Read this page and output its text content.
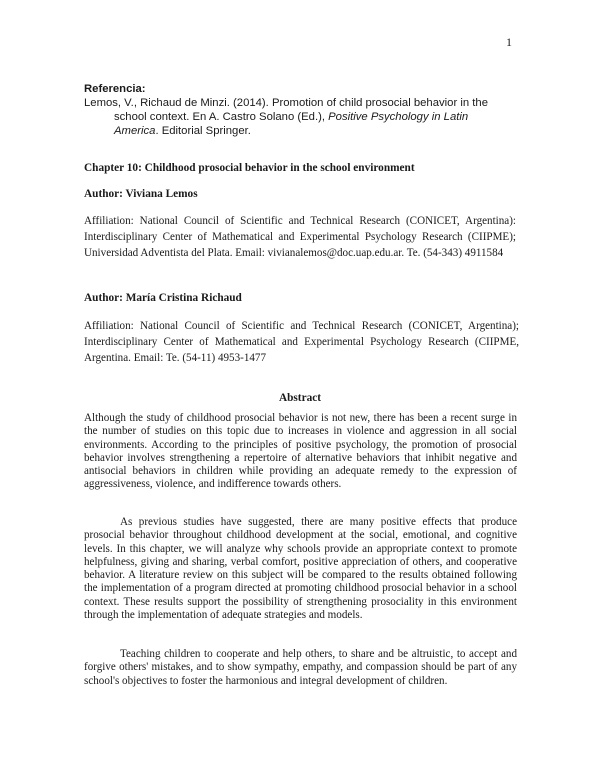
1
Referencia:
Lemos, V., Richaud de Minzi. (2014). Promotion of child prosocial behavior in the
school context. En A. Castro Solano (Ed.), Positive Psychology in Latin
America. Editorial Springer.
Chapter 10: Childhood prosocial behavior in the school environment
Author: Viviana Lemos
Affiliation: National Council of Scientific and Technical Research (CONICET, Argentina): Interdisciplinary Center of Mathematical and Experimental Psychology Research (CIIPME); Universidad Adventista del Plata. Email: vivianalemos@doc.uap.edu.ar. Te. (54-343) 4911584
Author: María Cristina Richaud
Affiliation: National Council of Scientific and Technical Research (CONICET, Argentina); Interdisciplinary Center of Mathematical and Experimental Psychology Research (CIIPME, Argentina. Email: Te. (54-11) 4953-1477
Abstract
Although the study of childhood prosocial behavior is not new, there has been a recent surge in the number of studies on this topic due to increases in violence and aggression in all social environments. According to the principles of positive psychology, the promotion of prosocial behavior involves strengthening a repertoire of alternative behaviors that inhibit negative and antisocial behaviors in children while providing an adequate remedy to the expression of aggressiveness, violence, and indifference towards others.
As previous studies have suggested, there are many positive effects that produce prosocial behavior throughout childhood development at the social, emotional, and cognitive levels. In this chapter, we will analyze why schools provide an appropriate context to promote helpfulness, giving and sharing, verbal comfort, positive appreciation of others, and cooperative behavior. A literature review on this subject will be compared to the results obtained following the implementation of a program directed at promoting childhood prosocial behavior in a school context. These results support the possibility of strengthening prosociality in this environment through the implementation of adequate strategies and models.
Teaching children to cooperate and help others, to share and be altruistic, to accept and forgive others' mistakes, and to show sympathy, empathy, and compassion should be part of any school's objectives to foster the harmonious and integral development of children.
